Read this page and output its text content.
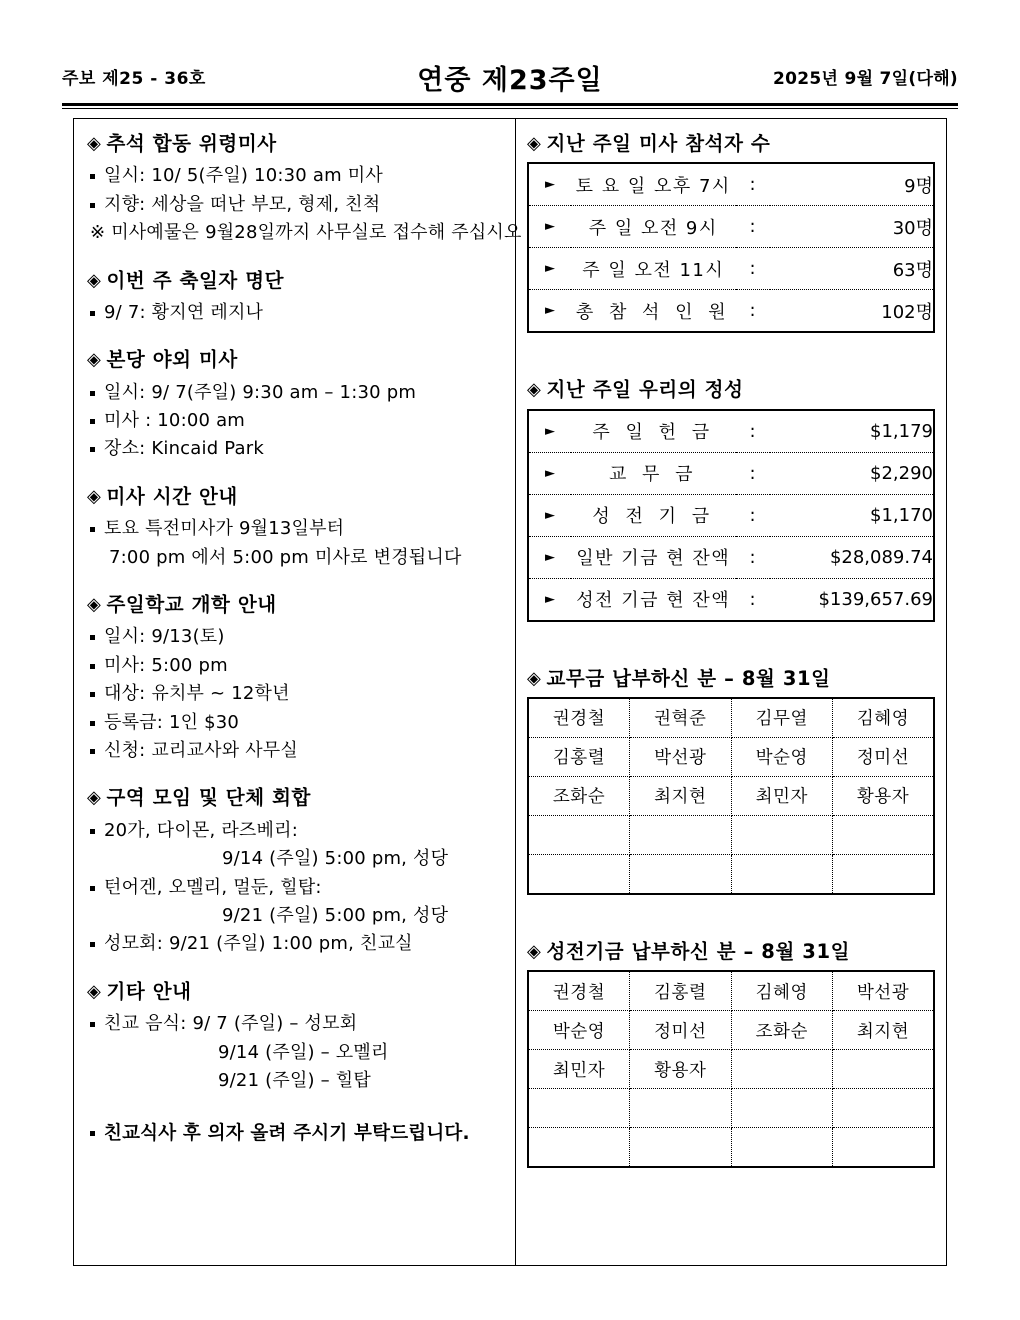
주보 제25 - 36호	연중 제23주일	2025년 9월 7일(다해)
◈ 추석 합동 위령미사
일시: 10/ 5(주일) 10:30 am 미사
지향: 세상을 떠난 부모, 형제, 친척
※ 미사예물은 9월28일까지 사무실로 접수해 주십시오
◈ 이번 주 축일자 명단
9/ 7: 황지연 레지나
◈ 본당 야외 미사
일시: 9/ 7(주일) 9:30 am – 1:30 pm
미사 : 10:00 am
장소: Kincaid Park
◈ 미사 시간 안내
토요 특전미사가 9월13일부터
7:00 pm 에서 5:00 pm 미사로 변경됩니다
◈ 주일학교 개학 안내
일시: 9/13(토)
미사: 5:00 pm
대상: 유치부 ~ 12학년
등록금: 1인 $30
신청: 교리교사와 사무실
◈ 구역 모임 및 단체 회합
20가, 다이몬, 라즈베리:
9/14 (주일) 5:00 pm, 성당
턴어겐, 오멜리, 멀둔, 힐탑:
9/21 (주일) 5:00 pm, 성당
성모회: 9/21 (주일) 1:00 pm, 친교실
◈ 기타 안내
친교 음식: 9/ 7 (주일) – 성모회
9/14 (주일) – 오멜리
9/21 (주일) – 힐탑
친교식사 후 의자 올려 주시기 부탁드립니다.
◈ 지난 주일 미사 참석자 수
►	토 요 일 오후 7시	:	9명
►	주 일 오전 9시	:	30명
►	주 일 오전 11시	:	63명
►	총 참 석 인 원	:	102명
◈ 지난 주일 우리의 정성
►	주 일 헌 금	:	$1,179
►	교 무 금	:	$2,290
►	성 전 기 금	:	$1,170
►	일반 기금 현 잔액	:	$28,089.74
►	성전 기금 현 잔액	:	$139,657.69
◈ 교무금 납부하신 분 – 8월 31일
권경철	권혁준	김무열	김혜영
김홍렬	박선광	박순영	정미선
조화순	최지현	최민자	황용자

◈ 성전기금 납부하신 분 – 8월 31일
권경철	김홍렬	김혜영	박선광
박순영	정미선	조화순	최지현
최민자	황용자		
